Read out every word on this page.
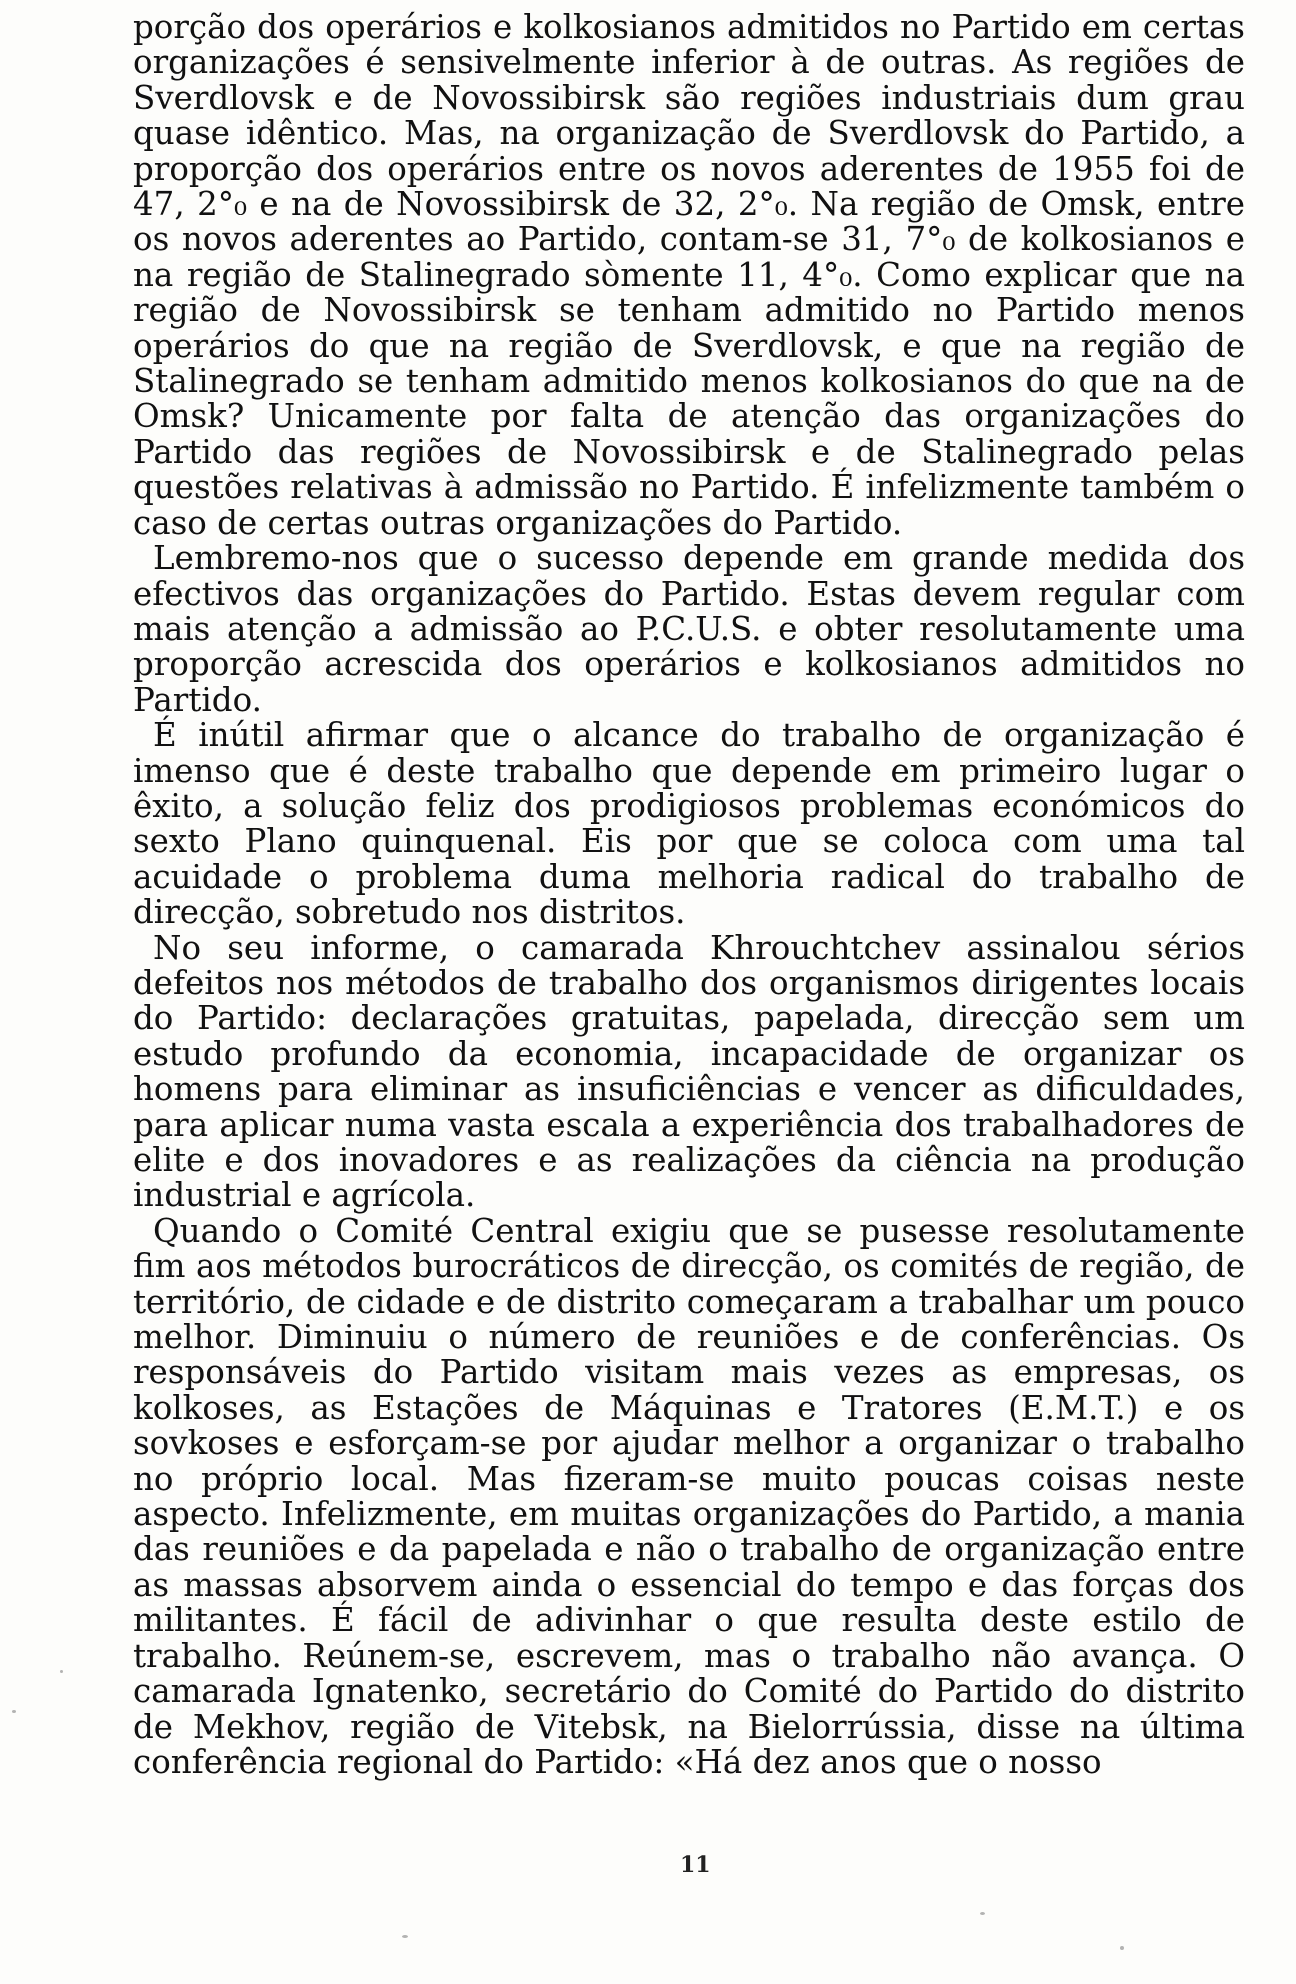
porção dos operários e kolkosianos admitidos no Partido em certas organizações é sensivelmente inferior à de outras. As regiões de Sverdlovsk e de Novossibirsk são regiões industriais dum grau quase idêntico. Mas, na organização de Sverdlovsk do Partido, a proporção dos operários entre os novos aderentes de 1955 foi de 47, 2°₀ e na de Novossibirsk de 32, 2°₀. Na região de Omsk, entre os novos aderentes ao Partido, contam-se 31, 7°₀ de kolkosianos e na região de Stalinegrado sòmente 11, 4°₀. Como explicar que na região de Novossibirsk se tenham admitido no Partido menos operários do que na região de Sverdlovsk, e que na região de Stalinegrado se tenham admitido menos kolkosianos do que na de Omsk? Unicamente por falta de atenção das organizações do Partido das regiões de Novossibirsk e de Stalinegrado pelas questões relativas à admissão no Partido. É infelizmente também o caso de certas outras organizações do Partido.

Lembremo-nos que o sucesso depende em grande medida dos efectivos das organizações do Partido. Estas devem regular com mais atenção a admissão ao P.C.U.S. e obter resolutamente uma proporção acrescida dos operários e kolkosianos admitidos no Partido.

É inútil afirmar que o alcance do trabalho de organização é imenso que é deste trabalho que depende em primeiro lugar o êxito, a solução feliz dos prodigiosos problemas económicos do sexto Plano quinquenal. Eis por que se coloca com uma tal acuidade o problema duma melhoria radical do trabalho de direcção, sobretudo nos distritos.

No seu informe, o camarada Khrouchtchev assinalou sérios defeitos nos métodos de trabalho dos organismos dirigentes locais do Partido: declarações gratuitas, papelada, direcção sem um estudo profundo da economia, incapacidade de organizar os homens para eliminar as insuficiências e vencer as dificuldades, para aplicar numa vasta escala a experiência dos trabalhadores de elite e dos inovadores e as realizações da ciência na produção industrial e agrícola.

Quando o Comité Central exigiu que se pusesse resolutamente fim aos métodos burocráticos de direcção, os comités de região, de território, de cidade e de distrito começaram a trabalhar um pouco melhor. Diminuiu o número de reuniões e de conferências. Os responsáveis do Partido visitam mais vezes as empresas, os kolkoses, as Estações de Máquinas e Tratores (E.M.T.) e os sovkoses e esforçam-se por ajudar melhor a organizar o trabalho no próprio local. Mas fizeram-se muito poucas coisas neste aspecto. Infelizmente, em muitas organizações do Partido, a mania das reuniões e da papelada e não o trabalho de organização entre as massas absorvem ainda o essencial do tempo e das forças dos militantes. É fácil de adivinhar o que resulta deste estilo de trabalho. Reúnem-se, escrevem, mas o trabalho não avança. O camarada Ignatenko, secretário do Comité do Partido do distrito de Mekhov, região de Vitebsk, na Bielorrússia, disse na última conferência regional do Partido: «Há dez anos que o nosso

11
